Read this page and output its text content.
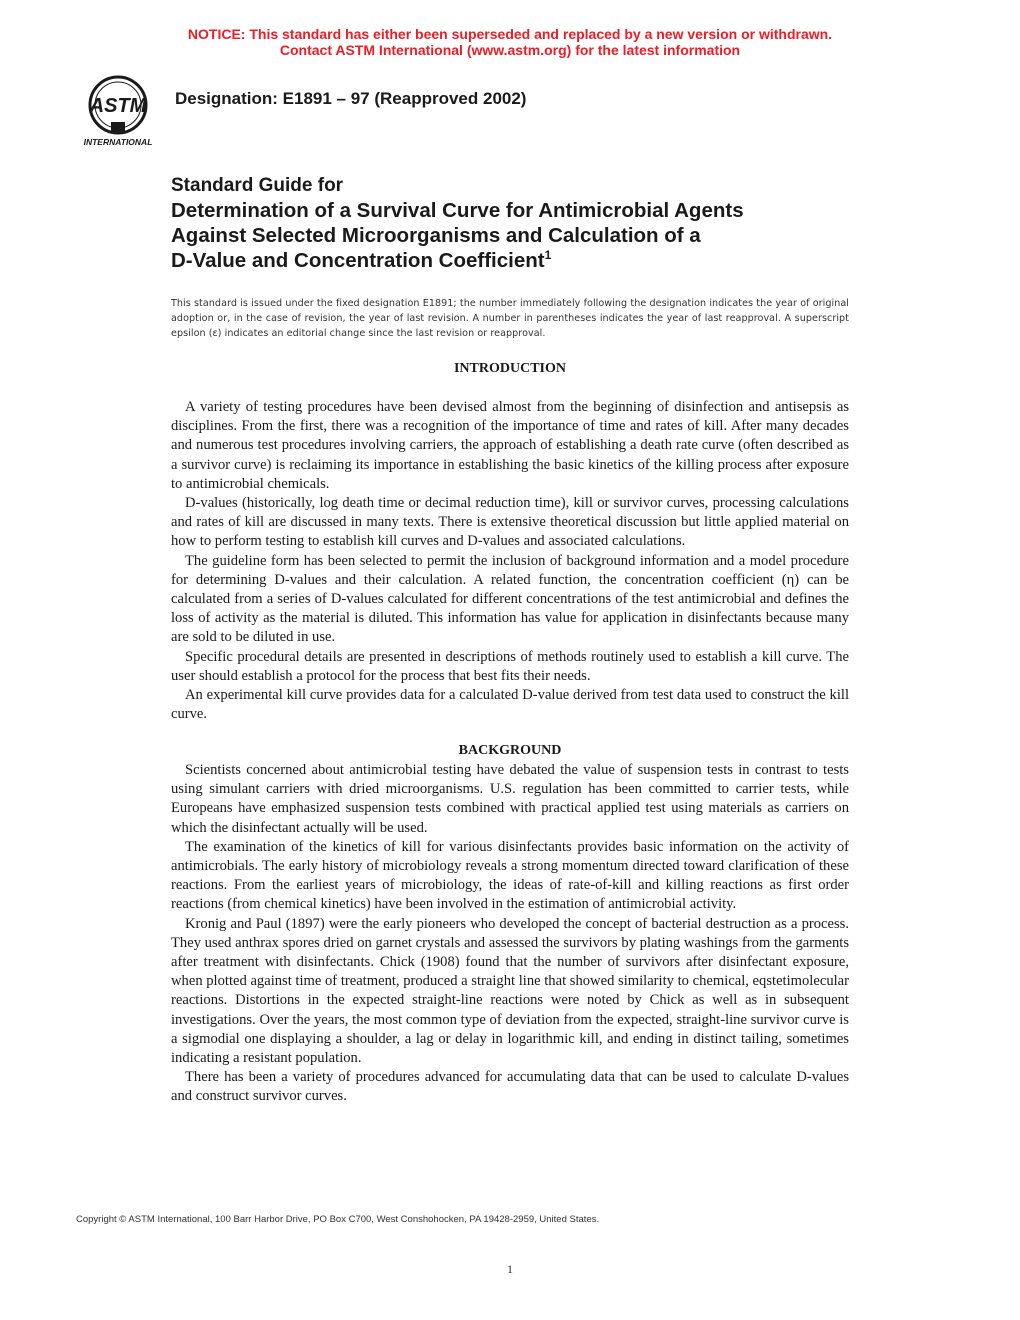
NOTICE: This standard has either been superseded and replaced by a new version or withdrawn.
Contact ASTM International (www.astm.org) for the latest information
ASTM
INTERNATIONAL
Designation: E1891 – 97 (Reapproved 2002)
Standard Guide for
Determination of a Survival Curve for Antimicrobial Agents
Against Selected Microorganisms and Calculation of a
D-Value and Concentration Coefficient$^1$
This standard is issued under the fixed designation E1891; the number immediately following the designation indicates the year of original adoption or, in the case of revision, the year of last revision. A number in parentheses indicates the year of last reapproval. A superscript epsilon (ε) indicates an editorial change since the last revision or reapproval.
INTRODUCTION

A variety of testing procedures have been devised almost from the beginning of disinfection and antisepsis as disciplines. From the first, there was a recognition of the importance of time and rates of kill. After many decades and numerous test procedures involving carriers, the approach of establishing a death rate curve (often described as a survivor curve) is reclaiming its importance in establishing the basic kinetics of the killing process after exposure to antimicrobial chemicals.

D-values (historically, log death time or decimal reduction time), kill or survivor curves, processing calculations and rates of kill are discussed in many texts. There is extensive theoretical discussion but little applied material on how to perform testing to establish kill curves and D-values and associated calculations.

The guideline form has been selected to permit the inclusion of background information and a model procedure for determining D-values and their calculation. A related function, the concentration coefficient (η) can be calculated from a series of D-values calculated for different concentrations of the test antimicrobial and defines the loss of activity as the material is diluted. This information has value for application in disinfectants because many are sold to be diluted in use.

Specific procedural details are presented in descriptions of methods routinely used to establish a kill curve. The user should establish a protocol for the process that best fits their needs.

An experimental kill curve provides data for a calculated D-value derived from test data used to construct the kill curve.

BACKGROUND

Scientists concerned about antimicrobial testing have debated the value of suspension tests in contrast to tests using simulant carriers with dried microorganisms. U.S. regulation has been committed to carrier tests, while Europeans have emphasized suspension tests combined with practical applied test using materials as carriers on which the disinfectant actually will be used.

The examination of the kinetics of kill for various disinfectants provides basic information on the activity of antimicrobials. The early history of microbiology reveals a strong momentum directed toward clarification of these reactions. From the earliest years of microbiology, the ideas of rate-of-kill and killing reactions as first order reactions (from chemical kinetics) have been involved in the estimation of antimicrobial activity.

Kronig and Paul (1897) were the early pioneers who developed the concept of bacterial destruction as a process. They used anthrax spores dried on garnet crystals and assessed the survivors by plating washings from the garments after treatment with disinfectants. Chick (1908) found that the number of survivors after disinfectant exposure, when plotted against time of treatment, produced a straight line that showed similarity to chemical, eqstetimolecular reactions. Distortions in the expected straight-line reactions were noted by Chick as well as in subsequent investigations. Over the years, the most common type of deviation from the expected, straight-line survivor curve is a sigmodial one displaying a shoulder, a lag or delay in logarithmic kill, and ending in distinct tailing, sometimes indicating a resistant population.

There has been a variety of procedures advanced for accumulating data that can be used to calculate D-values and construct survivor curves.

Copyright © ASTM International, 100 Barr Harbor Drive, PO Box C700, West Conshohocken, PA 19428-2959, United States.
1
